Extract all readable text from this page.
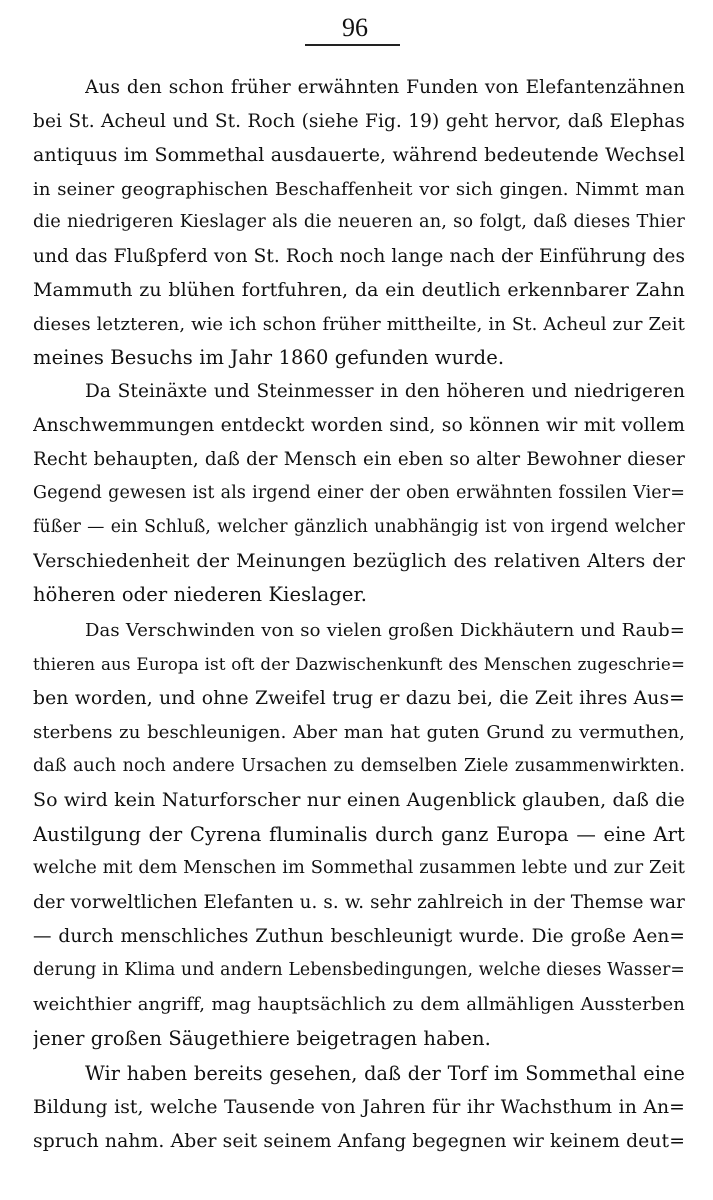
96
Aus den schon früher erwähnten Funden von Elefantenzähnen
bei St. Acheul und St. Roch (siehe Fig. 19) geht hervor, daß Elephas
antiquus im Sommethal ausdauerte, während bedeutende Wechsel
in seiner geographischen Beschaffenheit vor sich gingen. Nimmt man
die niedrigeren Kieslager als die neueren an, so folgt, daß dieses Thier
und das Flußpferd von St. Roch noch lange nach der Einführung des
Mammuth zu blühen fortfuhren, da ein deutlich erkennbarer Zahn
dieses letzteren, wie ich schon früher mittheilte, in St. Acheul zur Zeit
meines Besuchs im Jahr 1860 gefunden wurde.
Da Steinäxte und Steinmesser in den höheren und niedrigeren
Anschwemmungen entdeckt worden sind, so können wir mit vollem
Recht behaupten, daß der Mensch ein eben so alter Bewohner dieser
Gegend gewesen ist als irgend einer der oben erwähnten fossilen Vier=
füßer — ein Schluß, welcher gänzlich unabhängig ist von irgend welcher
Verschiedenheit der Meinungen bezüglich des relativen Alters der
höheren oder niederen Kieslager.
Das Verschwinden von so vielen großen Dickhäutern und Raub=
thieren aus Europa ist oft der Dazwischenkunft des Menschen zugeschrie=
ben worden, und ohne Zweifel trug er dazu bei, die Zeit ihres Aus=
sterbens zu beschleunigen. Aber man hat guten Grund zu vermuthen,
daß auch noch andere Ursachen zu demselben Ziele zusammenwirkten.
So wird kein Naturforscher nur einen Augenblick glauben, daß die
Austilgung der Cyrena fluminalis durch ganz Europa — eine Art
welche mit dem Menschen im Sommethal zusammen lebte und zur Zeit
der vorweltlichen Elefanten u. s. w. sehr zahlreich in der Themse war
— durch menschliches Zuthun beschleunigt wurde. Die große Aen=
derung in Klima und andern Lebensbedingungen, welche dieses Wasser=
weichthier angriff, mag hauptsächlich zu dem allmähligen Aussterben
jener großen Säugethiere beigetragen haben.
Wir haben bereits gesehen, daß der Torf im Sommethal eine
Bildung ist, welche Tausende von Jahren für ihr Wachsthum in An=
spruch nahm. Aber seit seinem Anfang begegnen wir keinem deut=
